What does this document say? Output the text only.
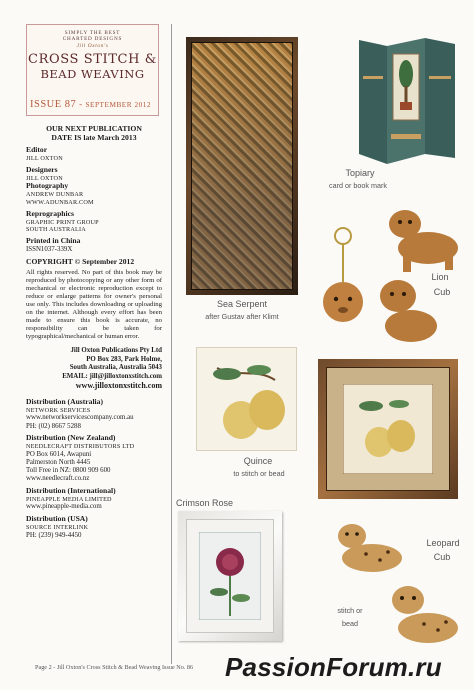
SIMPLY THE BEST
CHARTED DESIGNS
Jill Oxton's
CROSS STITCH &
BEAD WEAVING
ISSUE 87 - SEPTEMBER 2012
OUR NEXT PUBLICATION
DATE IS late March 2013
Editor
JILL OXTON
Designers
JILL OXTON
Photography
ANDREW DUNBAR
WWW.ADUNBAR.COM
Reprographics
GRAPHIC PRINT GROUP
SOUTH AUSTRALIA
Printed in China
ISSN1037-339X
COPYRIGHT © September 2012
All rights reserved. No part of this book may be reproduced by photocopying or any other form of mechanical or electronic reproduction except to reduce or enlarge patterns for owner's personal use only. This includes downloading or uploading on the internet. Although every effort has been made to ensure this book is accurate, no responsibility can be taken for typographical/mechanical or human error.
Jill Oxton Publications Pty Ltd
PO Box 283, Park Holme,
South Australia, Australia 5043
EMAIL: jill@jilloxtonxstitch.com
www.jilloxtonxstitch.com
Distribution (Australia)
NETWORK SERVICES
www.networkservicescompany.com.au
PH: (02) 8667 5288
Distribution (New Zealand)
NEEDLECRAFT DISTRIBUTORS LTD
PO Box 6014, Awapuni
Palmerston North 4445
Toll Free in NZ: 0800 909 600
www.needlecraft.co.nz
Distribution (International)
PINEAPPLE MEDIA LIMITED
www.pineapple-media.com
Distribution (USA)
SOURCE INTERLINK
PH: (239) 949-4450
Sea Serpent
after Gustav after Klimt
Topiary
card or book mark
Lion
Cub
Quince
to stitch or bead
Crimson Rose
Leopard
Cub
stitch or
bead
Page 2 - Jill Oxton's Cross Stitch & Bead Weaving Issue No. 86 PassionForum.ru
